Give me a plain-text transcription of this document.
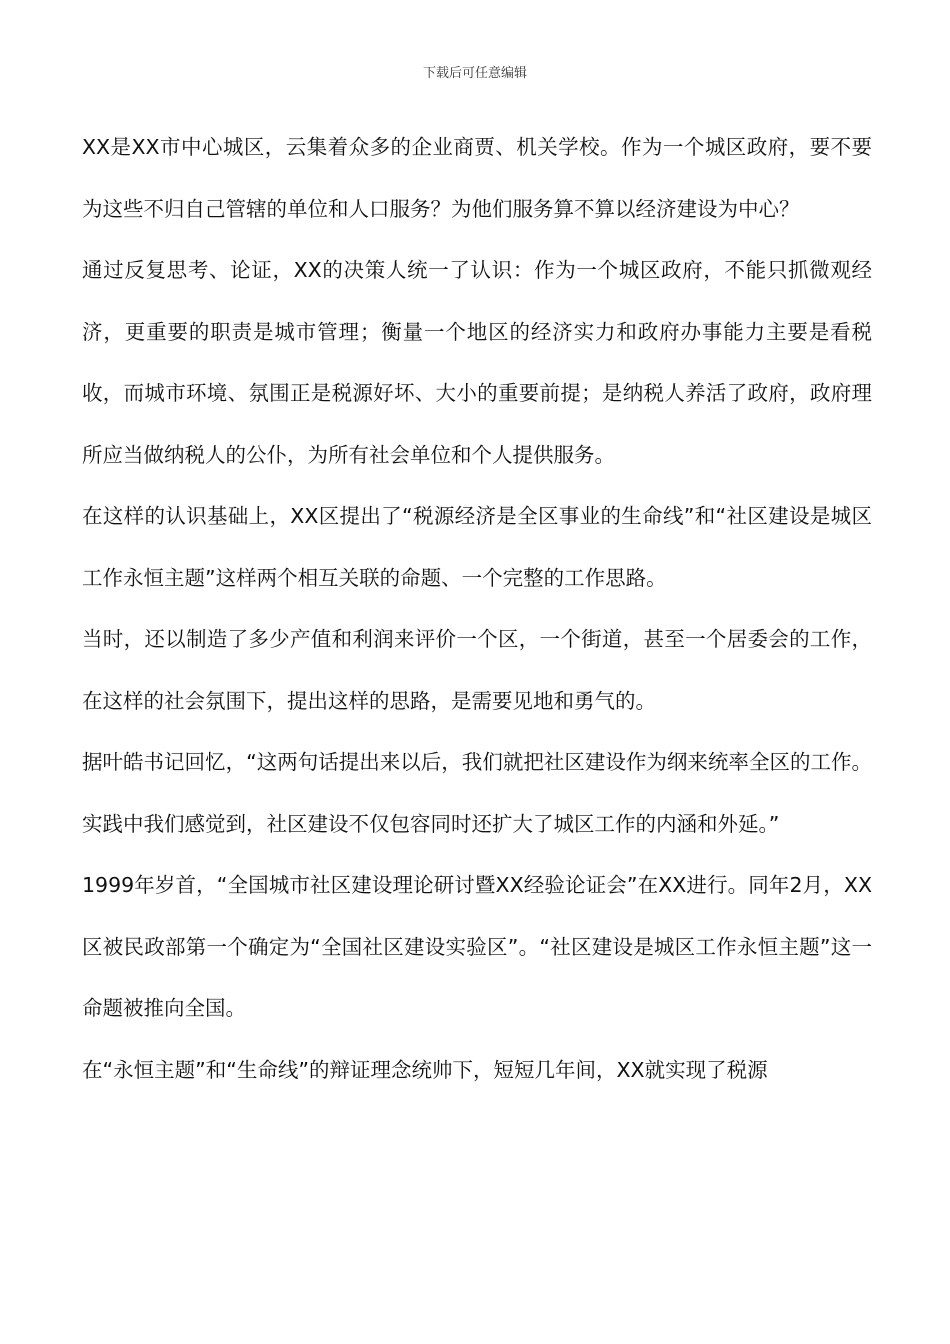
下载后可任意编辑

XX是XX市中心城区，云集着众多的企业商贾、机关学校。作为一个城区政府，要不要为这些不归自己管辖的单位和人口服务？为他们服务算不算以经济建设为中心？

通过反复思考、论证，XX的决策人统一了认识：作为一个城区政府，不能只抓微观经济，更重要的职责是城市管理；衡量一个地区的经济实力和政府办事能力主要是看税收，而城市环境、氛围正是税源好坏、大小的重要前提；是纳税人养活了政府，政府理所应当做纳税人的公仆，为所有社会单位和个人提供服务。

在这样的认识基础上，XX区提出了“税源经济是全区事业的生命线”和“社区建设是城区工作永恒主题”这样两个相互关联的命题、一个完整的工作思路。

当时，还以制造了多少产值和利润来评价一个区，一个街道，甚至一个居委会的工作，在这样的社会氛围下，提出这样的思路，是需要见地和勇气的。

据叶皓书记回忆，“这两句话提出来以后，我们就把社区建设作为纲来统率全区的工作。实践中我们感觉到，社区建设不仅包容同时还扩大了城区工作的内涵和外延。”

1999年岁首，“全国城市社区建设理论研讨暨XX经验论证会”在XX进行。同年2月，XX区被民政部第一个确定为“全国社区建设实验区”。“社区建设是城区工作永恒主题”这一命题被推向全国。

在“永恒主题”和“生命线”的辩证理念统帅下，短短几年间，XX就实现了税源
